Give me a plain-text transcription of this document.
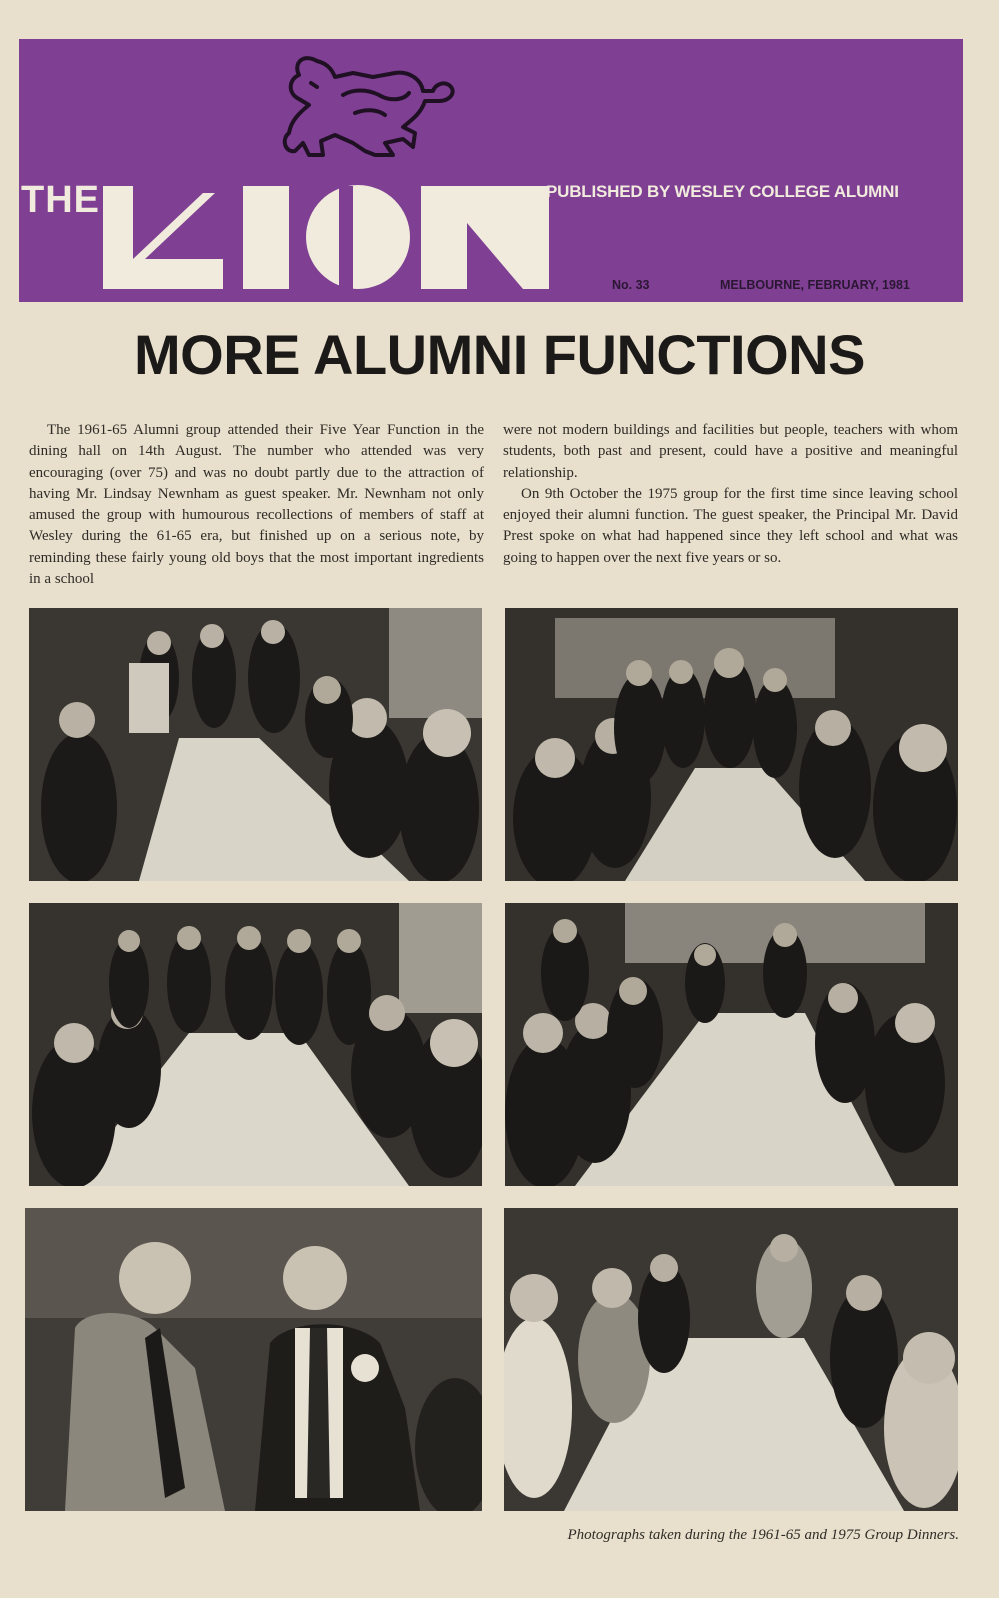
THE	PUBLISHED BY WESLEY COLLEGE ALUMNI
No. 33	MELBOURNE, FEBRUARY, 1981
MORE ALUMNI FUNCTIONS

The 1961-65 Alumni group attended their Five Year Function in the dining hall on 14th August. The number who attended was very encouraging (over 75) and was no doubt partly due to the attraction of having Mr. Lindsay Newnham as guest speaker. Mr. Newnham not only amused the group with humourous recollections of members of staff at Wesley during the 61-65 era, but finished up on a serious note, by reminding these fairly young old boys that the most important ingredients in a school

were not modern buildings and facilities but people, teachers with whom students, both past and present, could have a positive and meaningful relationship.

On 9th October the 1975 group for the first time since leaving school enjoyed their alumni function. The guest speaker, the Principal Mr. David Prest spoke on what had happened since they left school and what was going to happen over the next five years or so.

Photographs taken during the 1961-65 and 1975 Group Dinners.
